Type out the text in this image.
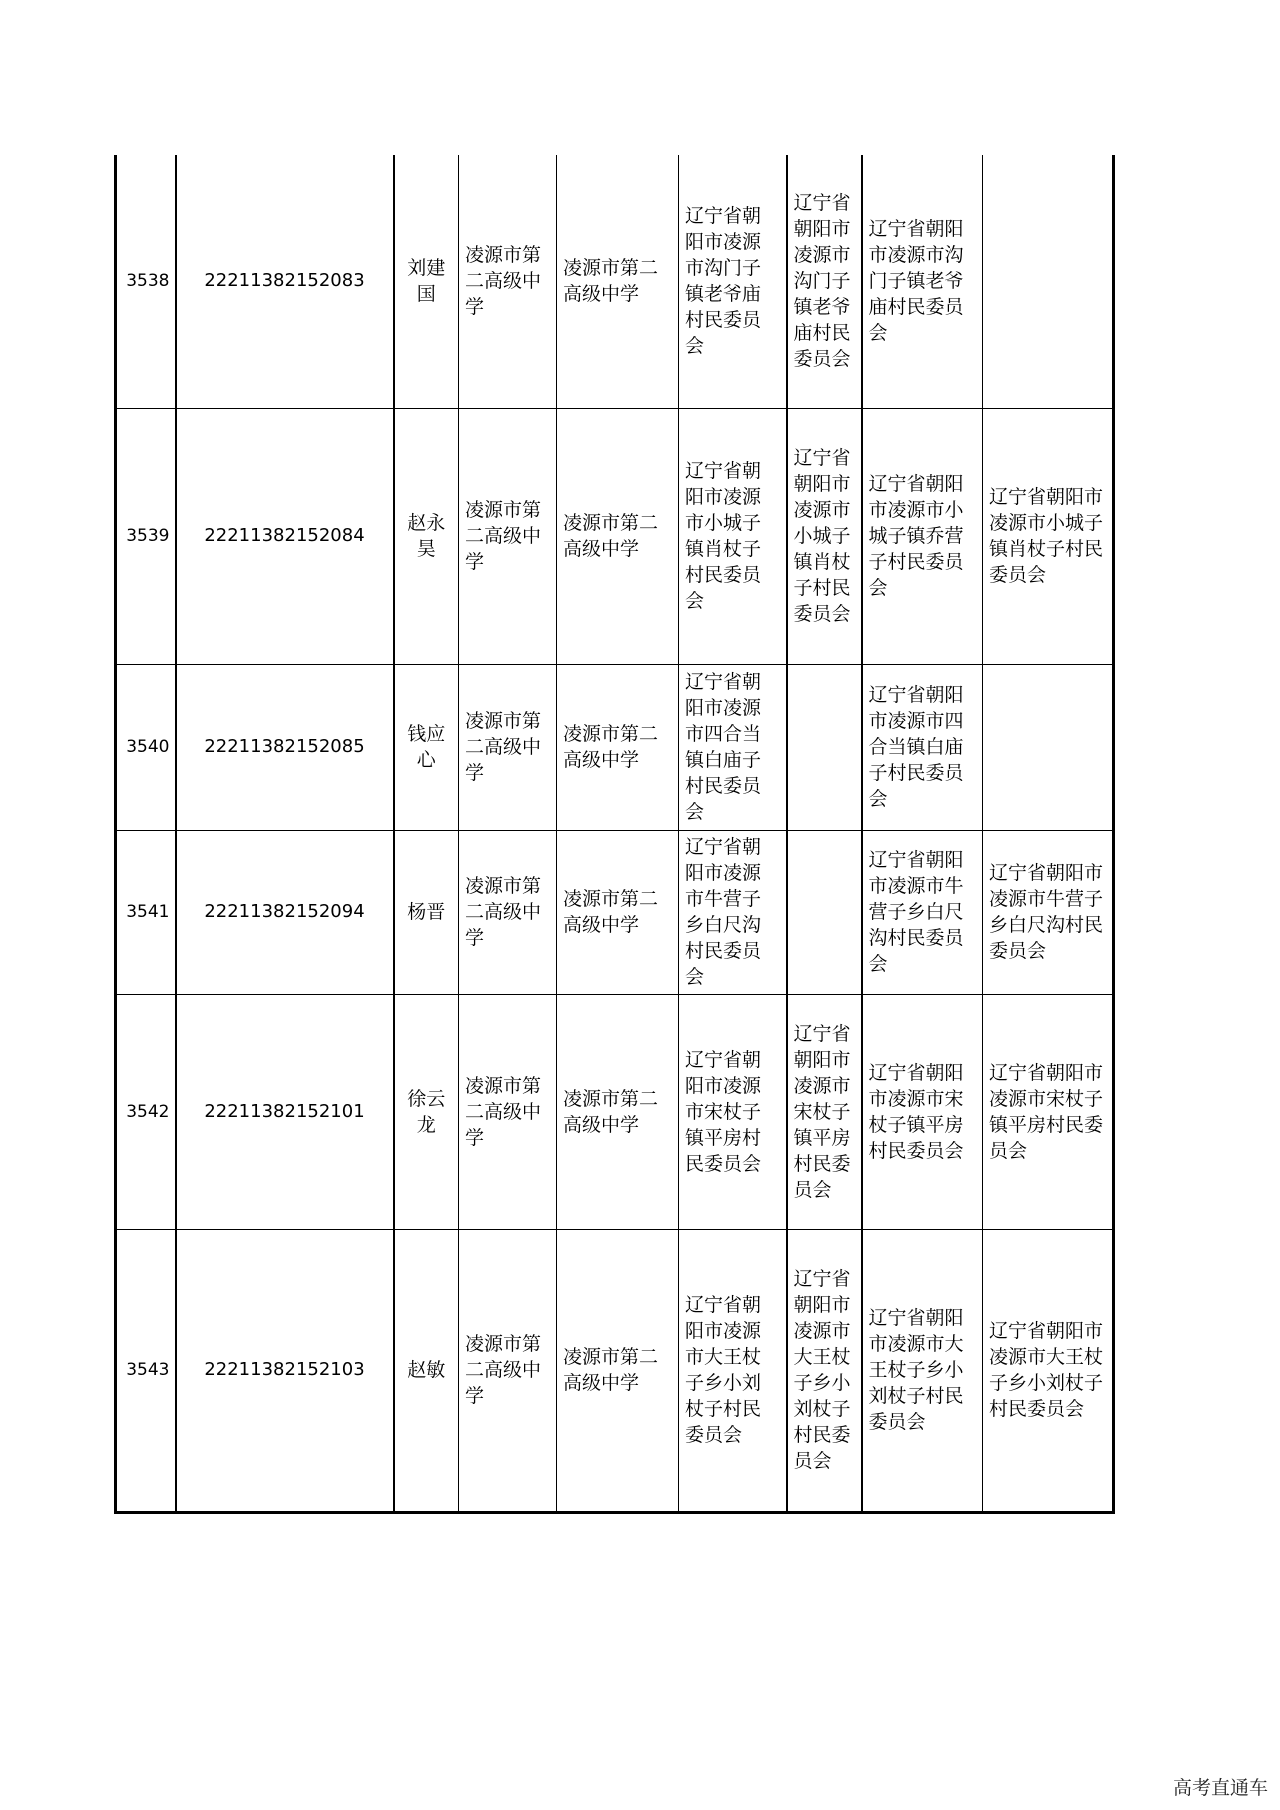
3538	22211382152083	刘建国	凌源市第二高级中学	凌源市第二高级中学	辽宁省朝阳市凌源市沟门子镇老爷庙村民委员会	辽宁省朝阳市凌源市沟门子镇老爷庙村民委员会	辽宁省朝阳市凌源市沟门子镇老爷庙村民委员会	
3539	22211382152084	赵永昊	凌源市第二高级中学	凌源市第二高级中学	辽宁省朝阳市凌源市小城子镇肖杖子村民委员会	辽宁省朝阳市凌源市小城子镇肖杖子村民委员会	辽宁省朝阳市凌源市小城子镇乔营子村民委员会	辽宁省朝阳市凌源市小城子镇肖杖子村民委员会
3540	22211382152085	钱应心	凌源市第二高级中学	凌源市第二高级中学	辽宁省朝阳市凌源市四合当镇白庙子村民委员会		辽宁省朝阳市凌源市四合当镇白庙子村民委员会	
3541	22211382152094	杨晋	凌源市第二高级中学	凌源市第二高级中学	辽宁省朝阳市凌源市牛营子乡白尺沟村民委员会		辽宁省朝阳市凌源市牛营子乡白尺沟村民委员会	辽宁省朝阳市凌源市牛营子乡白尺沟村民委员会
3542	22211382152101	徐云龙	凌源市第二高级中学	凌源市第二高级中学	辽宁省朝阳市凌源市宋杖子镇平房村民委员会	辽宁省朝阳市凌源市宋杖子镇平房村民委员会	辽宁省朝阳市凌源市宋杖子镇平房村民委员会	辽宁省朝阳市凌源市宋杖子镇平房村民委员会
3543	22211382152103	赵敏	凌源市第二高级中学	凌源市第二高级中学	辽宁省朝阳市凌源市大王杖子乡小刘杖子村民委员会	辽宁省朝阳市凌源市大王杖子乡小刘杖子村民委员会	辽宁省朝阳市凌源市大王杖子乡小刘杖子村民委员会	辽宁省朝阳市凌源市大王杖子乡小刘杖子村民委员会
高考直通车
